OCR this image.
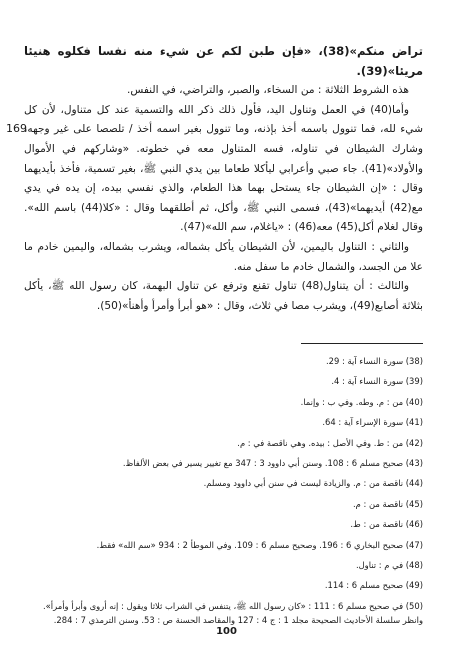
169

تراض منكم»(38)، «فإن طبن لكم عن شيء منه نفسا فكلوه هنيئا مريئا»(39).

هذه الشروط الثلاثة : من السخاء، والصبر، والتراضي، في النفس.

وأما(40) في العمل وتناول اليد، فأول ذلك ذكر الله والتسمية عند كل متناول، لأن كل شيء لله، فما تنوول باسمه أخذ بإذنه، وما تنوول بغير اسمه أخذ / تلصصا على غير وجهه، وشارك الشيطان في تناوله، فسه المتناول معه في خطوته. «وشاركهم في الأموال والأولاد»(41). جاء صبي وأعرابي ليأكلا طعاما بين يدي النبي ﷺ، بغير تسمية، فأخذ بأيديهما وقال : «إن الشيطان جاء يستحل بهما هذا الطعام، والذي نفسي بيده، إن يده في يدي مع(42) أيديهما»(43)، فسمى النبي ﷺ، وأكل، ثم أطلقهما وقال : «كلا(44) باسم الله». وقال لغلام أكل(45) معه(46) : «ياغلام، سم الله»(47).

والثاني : التناول باليمين، لأن الشيطان يأكل بشماله، ويشرب بشماله، واليمين خادم ما علا من الجسد، والشمال خادم ما سفل منه.

والثالث : أن يتناول(48) تناول تقنع وترفع عن تناول البهمة، كان رسول الله ﷺ، يأكل بثلاثة أصابع(49)، ويشرب مصا في ثلاث، وقال : «هو أبرأ وأمرأ وأهنأ»(50).

(38) سورة النساء آية : 29.
(39) سورة النساء آية : 4.
(40) من : م. وطه. وفي ب : وإنما.
(41) سورة الإسراء آية : 64.
(42) من : ط. وفي الأصل : بيده. وهي ناقصة في : م.
(43) صحيح مسلم 6 : 108. وسنن أبي داوود 3 : 347 مع تغيير يسير في بعض الألفاظ.
(44) ناقصة من : م. والزيادة ليست في سنن أبي داوود ومسلم.
(45) ناقصة من : م.
(46) ناقصة من : ط.
(47) صحيح البخاري 6 : 196. وصحيح مسلم 6 : 109. وفي الموطأ 2 : 934 «سم الله» فقط.
(48) في م : تناول.
(49) صحيح مسلم 6 : 114.
(50) في صحيح مسلم 6 : 111 : «كان رسول الله ﷺ، يتنفس في الشراب ثلاثا ويقول : إنه أروى وأبرأ وأمرأ». وانظر سلسلة الأحاديث الصحيحة مجلد 1 : ج 4 : 127 والمقاصد الحسنة ص : 53. وسنن الترمذي 7 : 284.
100
